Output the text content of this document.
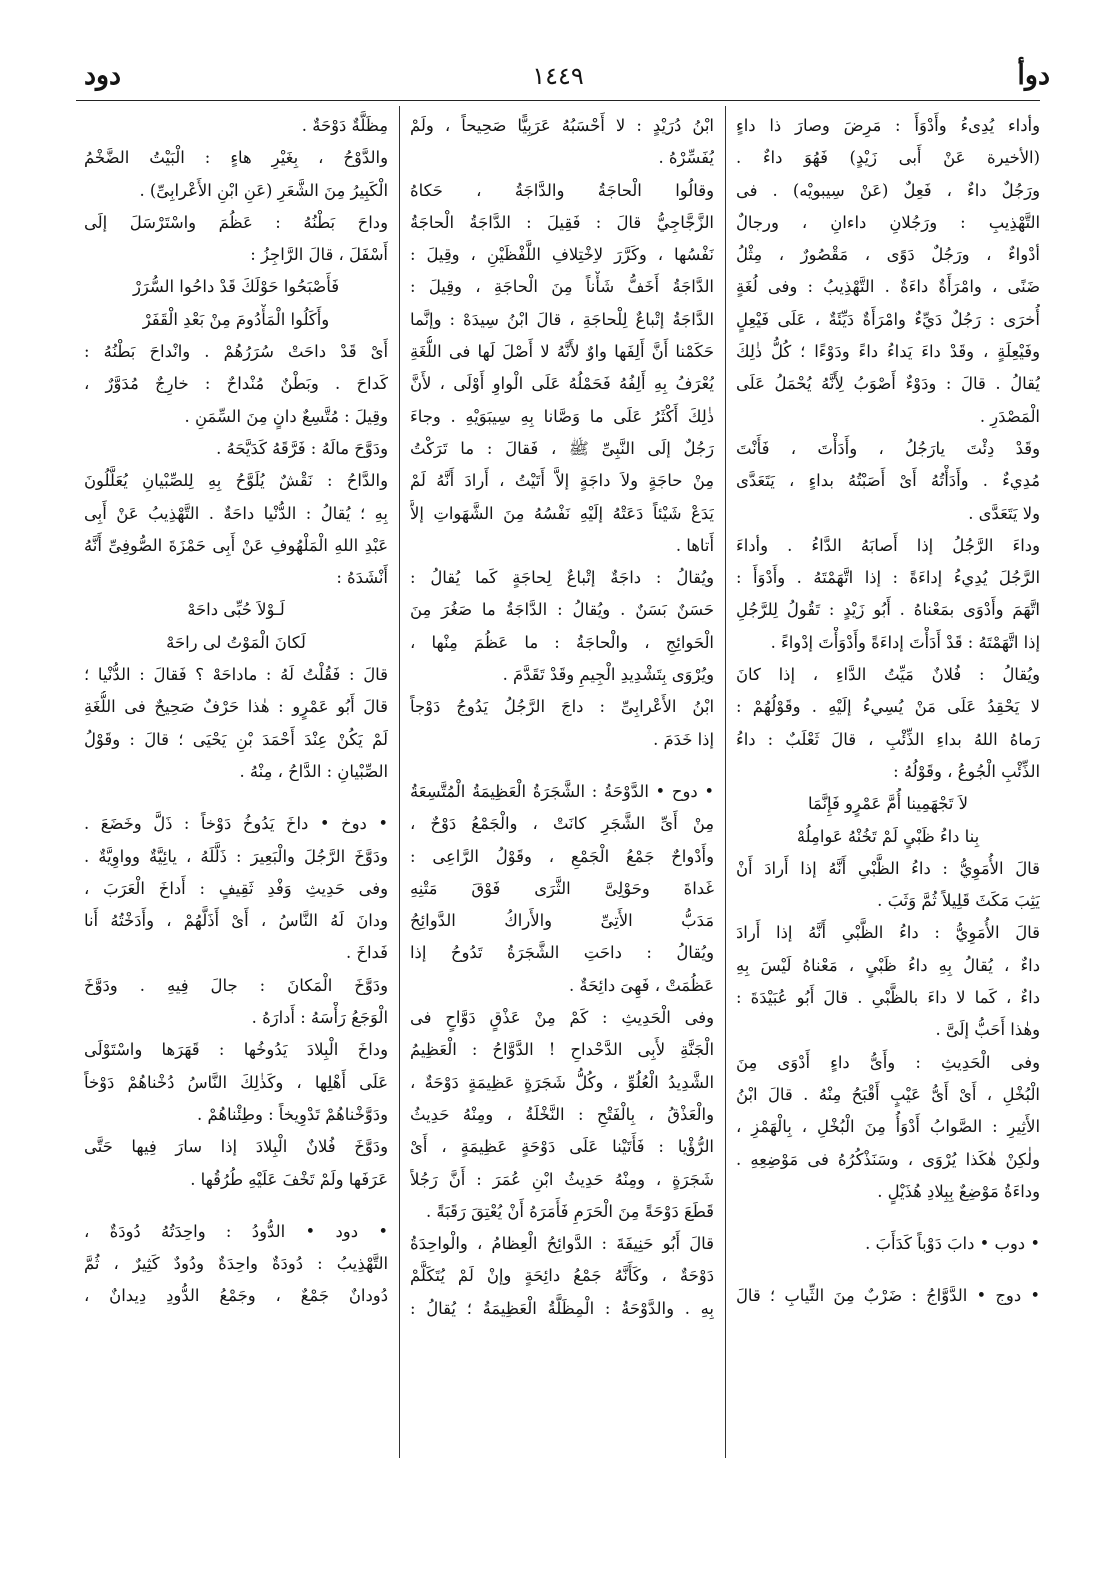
دوأ
١٤٤٩
دود
وأداء يُدِىءُ وأَدْوَأَ : مَرِضَ وصارَ ذا داءٍ
(الأخيرة عَنْ أَبى زَيْدٍ) فَهُوَ داءٌ .
ورَجُلٌ داءٌ ، فَعِلٌ (عَنْ سِيبويْه) . فى
التَّهْذِيبِ : ورَجُلانِ داءانِ ، ورجالٌ
أدْواءٌ ، ورَجُلٌ دَوًى ، مَقْصُورٌ ، مِثْلُ
ضَنًى ، وامْرَأَةٌ داءَةٌ . التَّهْذِيبُ : وفى لُغَةٍ
أُخرَى : رَجُلٌ دَيِّءٌ وامْرَأَةٌ دَيِّئَةٌ ، عَلَى فَيْعِلٍ
وفَيْعِلَةٍ ، وقَدْ داءَ يَداءُ داءً ودَوْءًا ؛ كُلُّ ذٰلِكَ
يُقالُ . قالَ : ودَوْءٌ أَصْوَبُ لِأَنَّهُ يُحْمَلُ عَلَى
الْمَصْدَرِ .
وقَدْ دِئْتَ يارَجُلُ ، وأَدَأْتَ ، فَأَنْتَ
مُدِيءٌ . وأَدَأْتُهُ أَىْ أَصَبْتُهُ بداءٍ ، يَتَعَدَّى
ولا يَتَعَدَّى .
وداءَ الرَّجُلُ إذا أَصابَهُ الدَّاءُ . وأداءَ
الرَّجُلَ يُدِيءُ إداءَةً : إذا اتَّهَمْتَهُ . وأَدْوَأَ :
اتَّهَمَ وأَدْوَى بمَعْناهُ . أَبُو زَيْدٍ : تَقُولُ لِلرَّجُلِ
إذا اتَّهَمْتَهُ : قَدْ أَدَأْتَ إداءَةً وأَدْوَأْتَ إدْواءً .
ويُقالُ : فُلانٌ مَيِّتُ الدَّاءِ ، إذا كانَ
لا يَحْقِدُ عَلَى مَنْ يُسِيءُ إلَيْهِ . وقَوْلُهُمْ :
رَماهُ اللهُ بداءِ الذِّئْبِ ، قالَ ثَعْلَبٌ : داءُ
الذِّئْبِ الْجُوعُ ، وقَوْلُهُ :
لاَ تَجْهَمِينا أُمَّ عَمْرٍو فَإِنَّمَا
بِنا داءُ ظَبْىٍ لَمْ تَخُنْهُ عَوامِلُهْ
قالَ الأُمَوِيُّ : داءُ الظَّبْىِ أَنَّهُ إذا أَرادَ أَنْ
يَثِبَ مَكَثَ قَلِيلاً ثُمَّ وَثَبَ .
قالَ الأُمَوِيُّ : داءُ الظَّبْىِ أَنَّهُ إذا أَرادَ
داءٌ ، يُقالُ بِهِ داءُ ظَبْىٍ ، مَعْناهُ لَيْسَ بِهِ
داءٌ ، كَما لا داءَ بالظَّبْىِ . قالَ أَبُو عُبَيْدَةَ :
وهٰذا أَحَبُّ إلَىَّ .
وفى الْحَدِيثِ : وأَىُّ داءٍ أَدْوَى مِنَ
الْبُخْلِ ، أَىْ أَىُّ عَيْبٍ أَقْبَحُ مِنْهُ . قالَ ابْنُ
الأَثِيرِ : الصَّوابُ أَدْوَأُ مِنَ الْبُخْلِ ، بِالْهَمْزِ ،
ولٰكِنْ هٰكَذا يُرْوَى ، وسَنَذْكُرُهُ فى مَوْضِعِهِ .
وداءَةُ مَوْضِعٌ بِبِلادِ هُذَيْلٍ .
• دوب • دابَ دَوْباً كَدَأَبَ .
• دوج • الدَّوَّاجُ : ضَرْبٌ مِنَ الثِّيابِ ؛ قالَ
ابْنُ دُرَيْدٍ : لا أَحْسَبُهُ عَرَبِيًّا صَحِيحاً ، ولَمْ
يُفَسِّرْهُ .
وقالُوا الْحاجَةُ والدَّاجَةُ ، حَكاهُ
الزَّجَّاجِيُّ قالَ : فَقِيلَ : الدَّاجَةُ الْحاجَةُ
نَفْسُها ، وكَرَّرَ لاِخْتِلافِ اللَّفْظَيْنِ ، وقِيلَ :
الدَّاجَةُ أَخَفُّ شَأْناً مِنَ الْحاجَةِ ، وقِيلَ :
الدَّاجَةُ إتْباعٌ لِلْحاجَةِ ، قالَ ابْنُ سِيدَهْ : وإنَّما
حَكَمْنا أَنَّ أَلِفَها واوٌ لأَنَّهُ لا أَصْلَ لَها فى اللُّغَةِ
يُعْرَفُ بِهِ أَلِفُهُ فَحَمْلُهُ عَلَى الْواوِ أَوْلَى ، لأَنَّ
ذٰلِكَ أَكْثَرُ عَلَى ما وَصَّانا بِهِ سِيبَوَيْهِ . وجاءَ
رَجُلٌ إلَى النَّبِىِّ ﷺ ، فَقالَ : ما تَرَكْتُ
مِنْ حاجَةٍ ولاَ داجَةٍ إلاَّ أَتَيْتُ ، أَرادَ أَنَّهُ لَمْ
يَدَعْ شَيْئاً دَعَتْهُ إلَيْهِ نَفْسُهُ مِنَ الشَّهَواتِ إلاَّ
أَتاها .
ويُقالُ : داجَةٌ إتْباعٌ لِحاجَةٍ كَما يُقالُ :
حَسَنٌ بَسَنٌ . ويُقالُ : الدَّاجَةُ ما صَغُرَ مِنَ
الْحَوائِجِ ، والْحاجَةُ : ما عَظُمَ مِنْها ،
ويُرْوَى بِتَشْدِيدِ الْجِيمِ وقَدْ تَقَدَّمَ .
ابْنُ الأَعْرابِىِّ : داجَ الرَّجُلُ يَدُوجُ دَوْجاً
إذا خَدَمَ .
• دوح • الدَّوْحَةُ : الشَّجَرَةُ الْعَظِيمَةُ الْمُتَّسِعَةُ
مِنْ أَىِّ الشَّجَرِ كانَتْ ، والْجَمْعُ دَوْحٌ ،
وأَدْواحٌ جَمْعُ الْجَمْعِ ، وقَوْلُ الرَّاعِى :
غَداةَ وحَوْلِىَّ الثَّرَى فَوْقَ مَتْنِهِ
مَدَبُّ الأَتِىِّ والأَراكُ الدَّوائِحُ
ويُقالُ : داحَتِ الشَّجَرَةُ تَدُوحُ إذا
عَظُمَتْ ، فَهِىَ دائِحَةٌ .
وفى الْحَدِيثِ : كَمْ مِنْ عَذْقٍ دَوَّاحٍ فى
الْجَنَّةِ لأَبِى الدَّحْداحِ ! الدَّوَّاحُ : الْعَظِيمُ
الشَّدِيدُ الْعُلُوِّ ، وكُلُّ شَجَرَةٍ عَظِيمَةٍ دَوْحَةٌ ،
والْعَذْقُ ، بِالْفَتْحِ : النَّخْلَةُ ، ومِنْهُ حَدِيثُ
الرُّؤْيا : فَأَتَيْنا عَلَى دَوْحَةٍ عَظِيمَةٍ ، أَىْ
شَجَرَةٍ ، ومِنْهُ حَدِيثُ ابْنِ عُمَرَ : أَنَّ رَجُلاً
قَطَعَ دَوْحَةً مِنَ الْحَرَمِ فَأَمَرَهُ أَنْ يُعْتِقَ رَقَبَةً .
قالَ أَبُو حَنِيفَةَ : الدَّوائِحُ الْعِظامُ ، والْواحِدَةُ
دَوْحَةٌ ، وكَأَنَّهُ جَمْعُ دائِحَةٍ وإنْ لَمْ يُتَكَلَّمْ
بِهِ . والدَّوْحَةُ : الْمِظَلَّةُ الْعَظِيمَةُ ؛ يُقالُ :
مِظَلَّةٌ دَوْحَةٌ .
والدَّوْحُ ، بِغَيْرِ هاءٍ : الْبَيْتُ الضَّخْمُ
الْكَبِيرُ مِنَ الشَّعَرِ (عَنِ ابْنِ الأَعْرابِىِّ) .
وداحَ بَطْنُهُ : عَظُمَ واسْتَرْسَلَ إلَى
أَسْفَلَ ، قالَ الرَّاجِزُ :
فَأَصْبَحُوا حَوْلَكَ قَدْ داحُوا السُّرَرْ
وأَكَلُوا الْمَأْدُومَ مِنْ بَعْدِ الْقَفَرْ
أَىْ قَدْ داحَتْ سُرَرُهُمْ . وانْداحَ بَطْنُهُ :
كَداحَ . وبَطْنٌ مُنْداحٌ : خارِجٌ مُدَوَّرٌ ،
وقِيلَ : مُتَّسِعٌ دانٍ مِنَ السِّمَنِ .
ودَوَّحَ مالَهُ : فَرَّقَهُ كَدَيَّحَهُ .
والدَّاحُ : نَقْشٌ يُلَوَّحُ بِهِ لِلصِّبْيانِ يُعَلَّلُونَ
بِهِ ؛ يُقالُ : الدُّنْيا داحَةٌ . التَّهْذِيبُ عَنْ أَبِى
عَبْدِ اللهِ الْمَلْهُوفِ عَنْ أَبِى حَمْزَةَ الصُّوفِىِّ أَنَّهُ
أَنْشَدَهُ :
لَـوْلاَ حُبِّى داحَهْ
لَكانَ الْمَوْتُ لى راحَهْ
قالَ : فَقُلْتُ لَهُ : ماداحَهْ ؟ فَقالَ : الدُّنْيا ؛
قالَ أَبُو عَمْرٍو : هٰذا حَرْفٌ صَحِيحٌ فى اللُّغَةِ
لَمْ يَكُنْ عِنْدَ أَحْمَدَ بْنِ يَحْيَى ؛ قالَ : وقَوْلُ
الصِّبْيانِ : الدَّاحُ ، مِنْهُ .
• دوخ • داخَ يَدُوخُ دَوْخاً : ذَلَّ وخَضَعَ .
ودَوَّخَ الرَّجُلَ والْبَعِيرَ : ذَلَّلَهُ ، يائِيَّةٌ وواوِيَّةٌ .
وفى حَدِيثِ وَفْدِ ثَقِيفٍ : أَداخَ الْعَرَبَ ،
ودانَ لَهُ النَّاسُ ، أَىْ أَذَلَّهُمْ ، وأَدَخْتُهُ أَنا
فَداخَ .
ودَوَّخَ الْمَكانَ : جالَ فِيهِ . ودَوَّخَ
الْوَجَعُ رَأْسَهُ : أَدارَهُ .
وداخَ الْبِلادَ يَدُوخُها : قَهَرَها واسْتَوْلَى
عَلَى أَهْلِها ، وكَذٰلِكَ النَّاسُ دُخْناهُمْ دَوْخاً
ودَوَّخْناهُمْ تَدْوِيخاً : وطِئْناهُمْ .
ودَوَّخَ فُلانٌ الْبِلادَ إذا سارَ فِيها حَتَّى
عَرَفَها ولَمْ تَخْفَ عَلَيْهِ طُرُقُها .
• دود • الدُّودُ : واحِدَتُهُ دُودَةٌ ،
التَّهْذِيبُ : دُودَةٌ واحِدَةٌ ودُودٌ كَثِيرٌ ، ثُمَّ
دُودانٌ جَمْعٌ ، وجَمْعُ الدُّودِ دِيدانٌ ،
